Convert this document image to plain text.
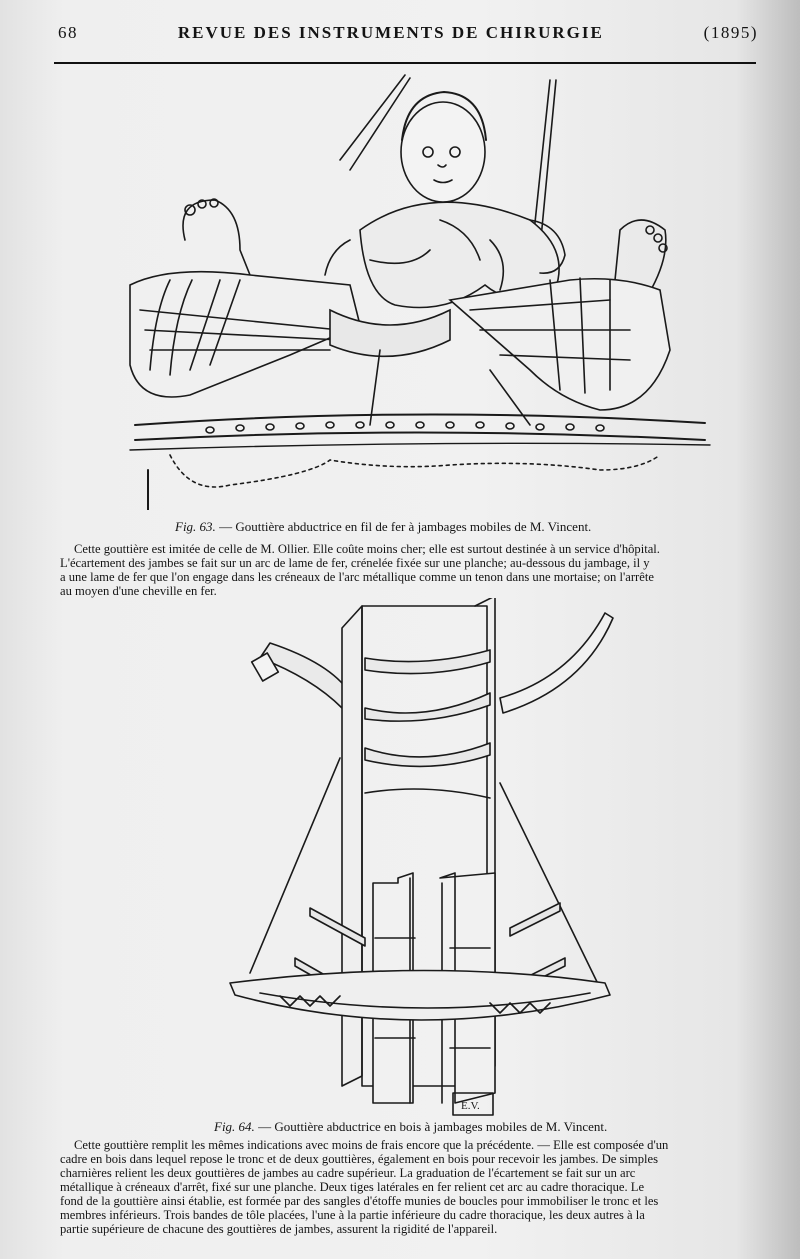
68	REVUE DES INSTRUMENTS DE CHIRURGIE	(1895)
Fig. 63. — Gouttière abductrice en fil de fer à jambages mobiles de M. Vincent.
Cette gouttière est imitée de celle de M. Ollier. Elle coûte moins cher; elle est surtout destinée à un service d'hôpital.
L'écartement des jambes se fait sur un arc de lame de fer, crénelée fixée sur une planche; au-dessous du jambage, il y
a une lame de fer que l'on engage dans les créneaux de l'arc métallique comme un tenon dans une mortaise; on l'arrête
au moyen d'une cheville en fer.
E.V.
Fig. 64. — Gouttière abductrice en bois à jambages mobiles de M. Vincent.
Cette gouttière remplit les mêmes indications avec moins de frais encore que la précédente. — Elle est composée d'un
cadre en bois dans lequel repose le tronc et de deux gouttières, également en bois pour recevoir les jambes. De simples
charnières relient les deux gouttières de jambes au cadre supérieur. La graduation de l'écartement se fait sur un arc
métallique à créneaux d'arrêt, fixé sur une planche. Deux tiges latérales en fer relient cet arc au cadre thoracique. Le
fond de la gouttière ainsi établie, est formée par des sangles d'étoffe munies de boucles pour immobiliser le tronc et les
membres inférieurs. Trois bandes de tôle placées, l'une à la partie inférieure du cadre thoracique, les deux autres à la
partie supérieure de chacune des gouttières de jambes, assurent la rigidité de l'appareil.
